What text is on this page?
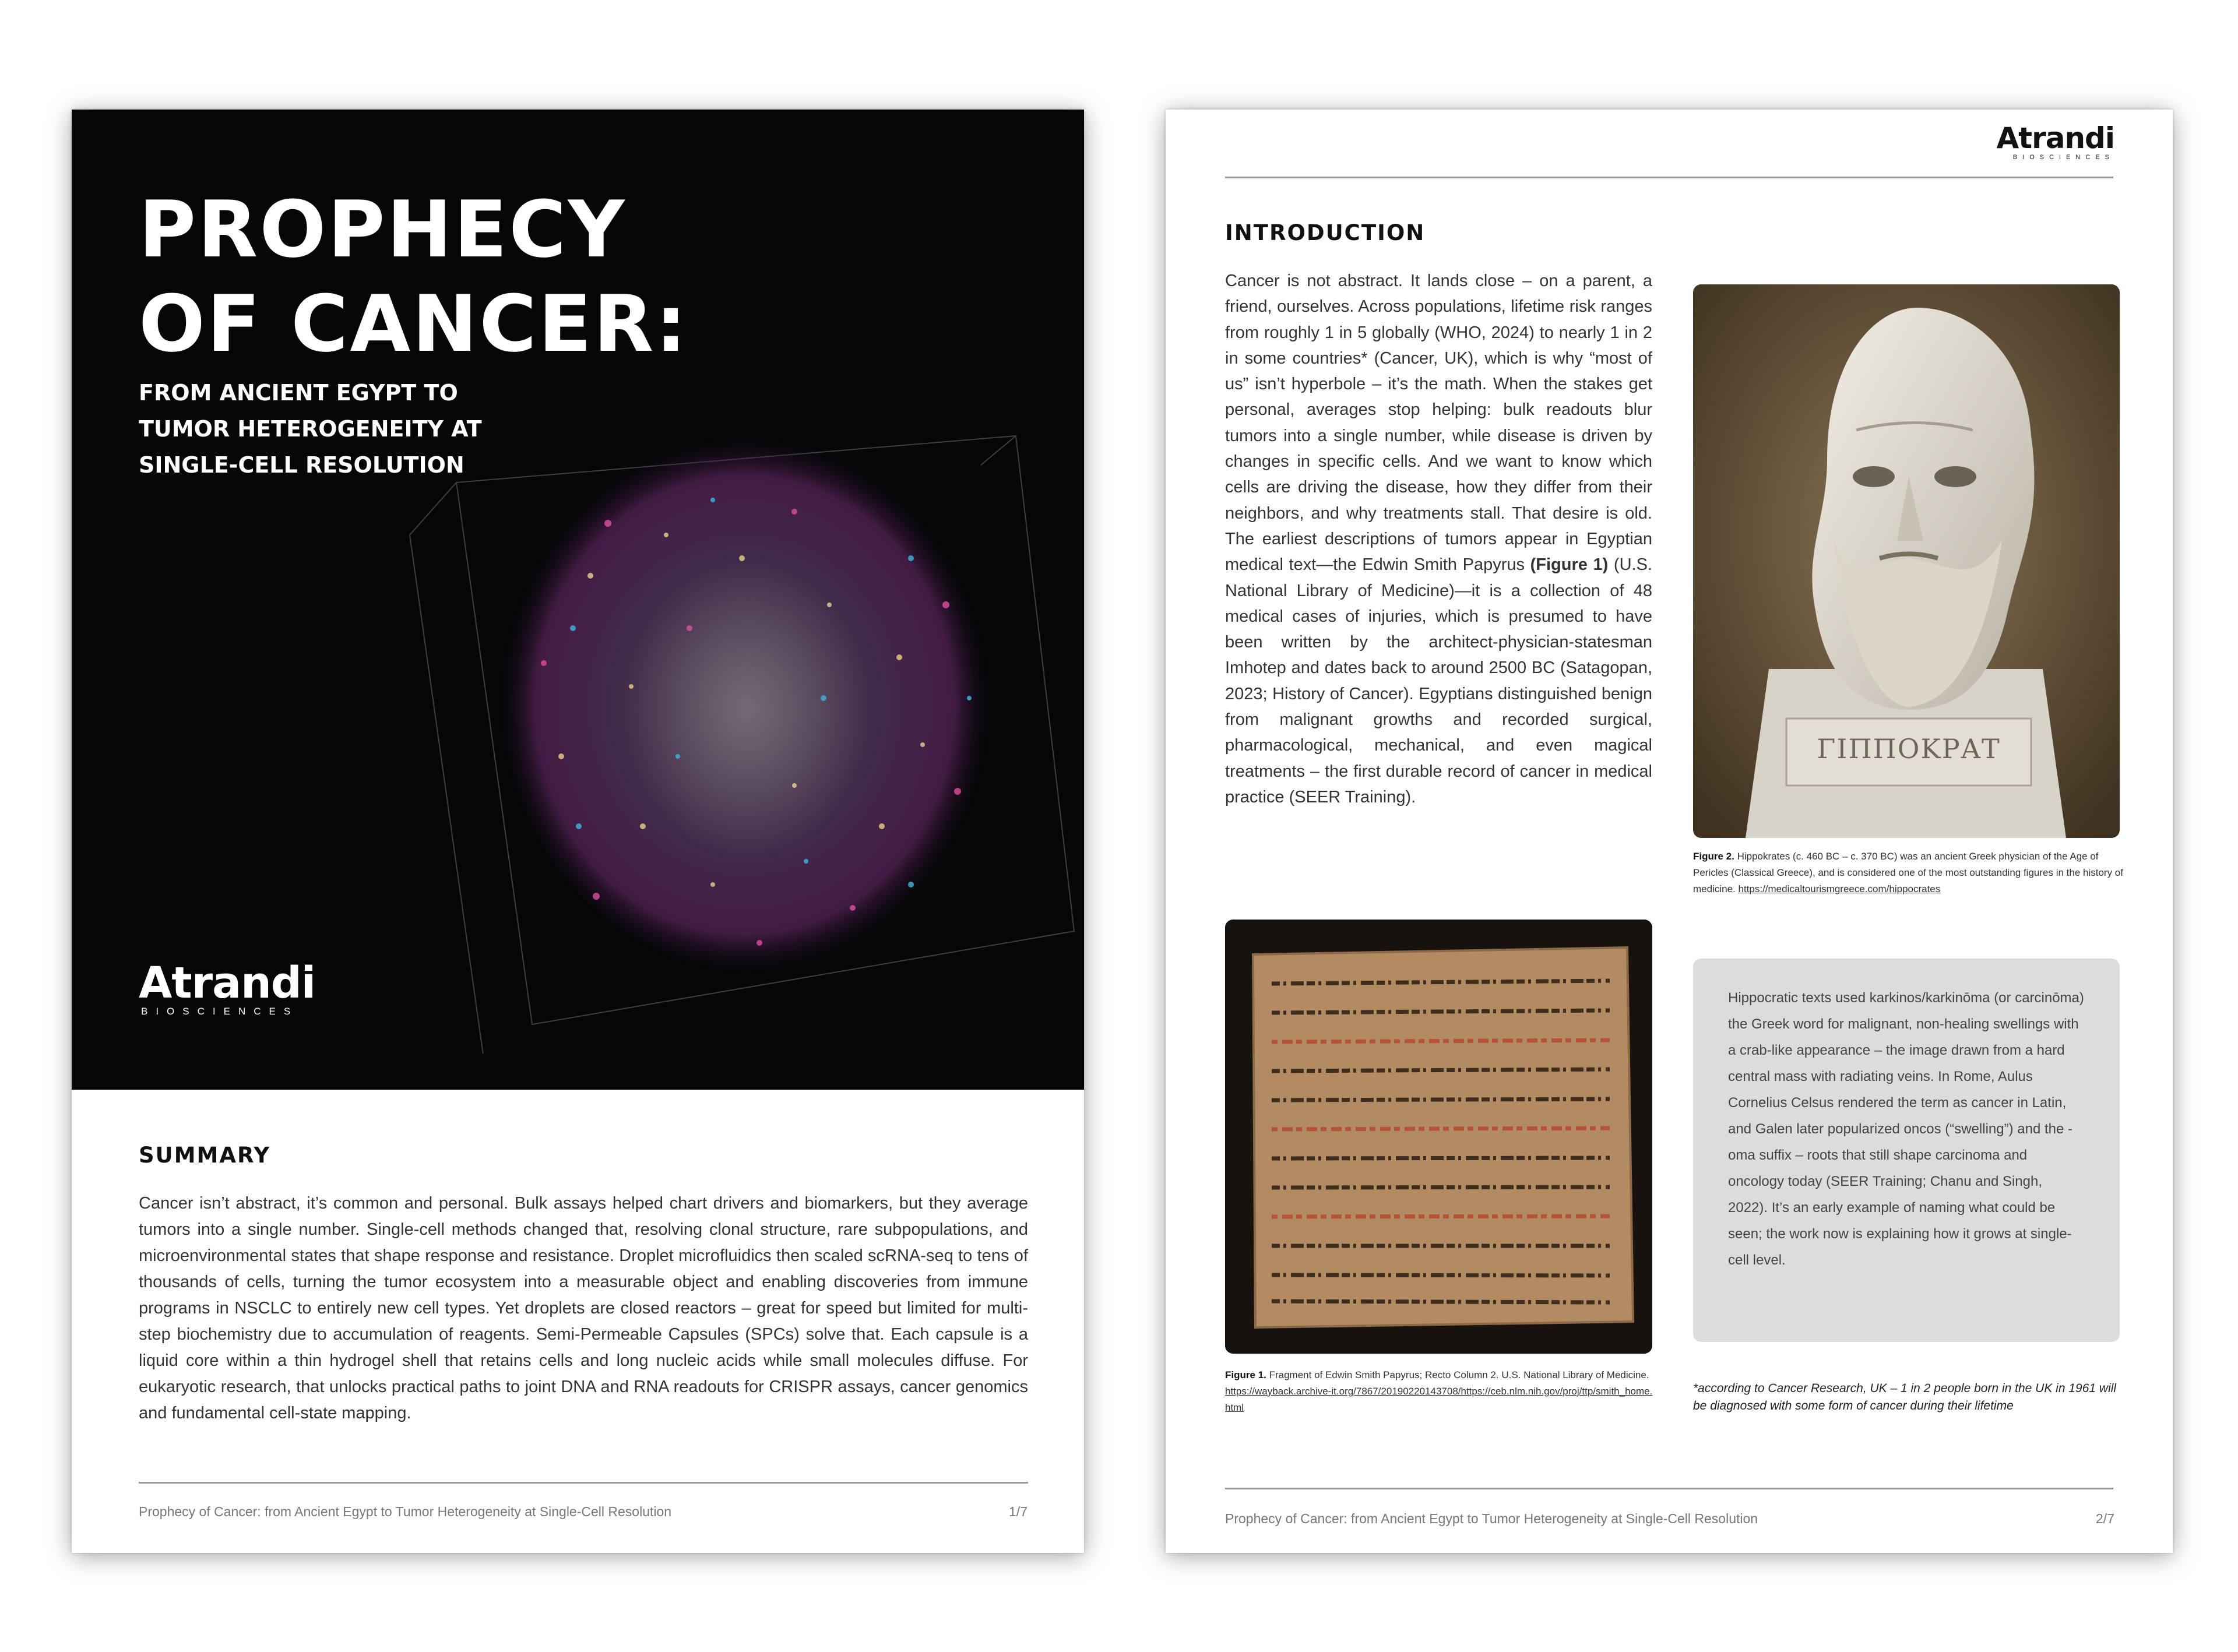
PROPHECY
OF CANCER:

FROM ANCIENT EGYPT TO
TUMOR HETEROGENEITY AT
SINGLE-CELL RESOLUTION

Atrandi
BIOSCIENCES
SUMMARY

Cancer isn’t abstract, it’s common and personal. Bulk assays helped chart drivers and biomarkers, but they average tumors into a single number. Single-cell methods changed that, resolving clonal structure, rare subpopulations, and microenvironmental states that shape response and resistance. Droplet microfluidics then scaled scRNA-seq to tens of thousands of cells, turning the tumor ecosystem into a measurable object and enabling discoveries from immune programs in NSCLC to entirely new cell types. Yet droplets are closed reactors – great for speed but limited for multi-step biochemistry due to accumulation of reagents. Semi-Permeable Capsules (SPCs) solve that. Each capsule is a liquid core within a thin hydrogel shell that retains cells and long nucleic acids while small molecules diffuse. For eukaryotic research, that unlocks practical paths to joint DNA and RNA readouts for CRISPR assays, cancer genomics and fundamental cell-state mapping.

Prophecy of Cancer: from Ancient Egypt to Tumor Heterogeneity at Single-Cell Resolution	1/7
Atrandi
BIOSCIENCES
INTRODUCTION

Cancer is not abstract. It lands close – on a parent, a friend, ourselves. Across populations, lifetime risk ranges from roughly 1 in 5 globally (WHO, 2024) to nearly 1 in 2 in some countries* (Cancer, UK), which is why “most of us” isn’t hyperbole – it’s the math. When the stakes get personal, averages stop helping: bulk readouts blur tumors into a single number, while disease is driven by changes in specific cells. And we want to know which cells are driving the disease, how they differ from their neighbors, and why treatments stall. That desire is old. The earliest descriptions of tumors appear in Egyptian medical text—the Edwin Smith Papyrus (Figure 1) (U.S. National Library of Medicine)—it is a collection of 48 medical cases of injuries, which is presumed to have been written by the architect-physician-statesman Imhotep and dates back to around 2500 BC (Satagopan, 2023; History of Cancer). Egyptians distinguished benign from malignant growths and recorded surgical, pharmacological, mechanical, and even magical treatments – the first durable record of cancer in medical practice (SEER Training).

ΓΙΠΠΟΚΡΑΤ

Figure 2. Hippokrates (c. 460 BC – c. 370 BC) was an ancient Greek physician of the Age of Pericles (Classical Greece), and is considered one of the most outstanding figures in the history of medicine. https://medicaltourismgreece.com/hippocrates

Figure 1. Fragment of Edwin Smith Papyrus; Recto Column 2. U.S. National Library of Medicine. https://wayback.archive-it.org/7867/20190220143708/https://ceb.nlm.nih.gov/proj/ttp/smith_home.html

Hippocratic texts used karkinos/karkinōma (or carcinōma) the Greek word for malignant, non-healing swellings with a crab-like appearance – the image drawn from a hard central mass with radiating veins. In Rome, Aulus Cornelius Celsus rendered the term as cancer in Latin, and Galen later popularized oncos (“swelling”) and the -oma suffix – roots that still shape carcinoma and oncology today (SEER Training; Chanu and Singh, 2022). It’s an early example of naming what could be seen; the work now is explaining how it grows at single-cell level.

*according to Cancer Research, UK – 1 in 2 people born in the UK in 1961 will be diagnosed with some form of cancer during their lifetime

Prophecy of Cancer: from Ancient Egypt to Tumor Heterogeneity at Single-Cell Resolution	2/7
